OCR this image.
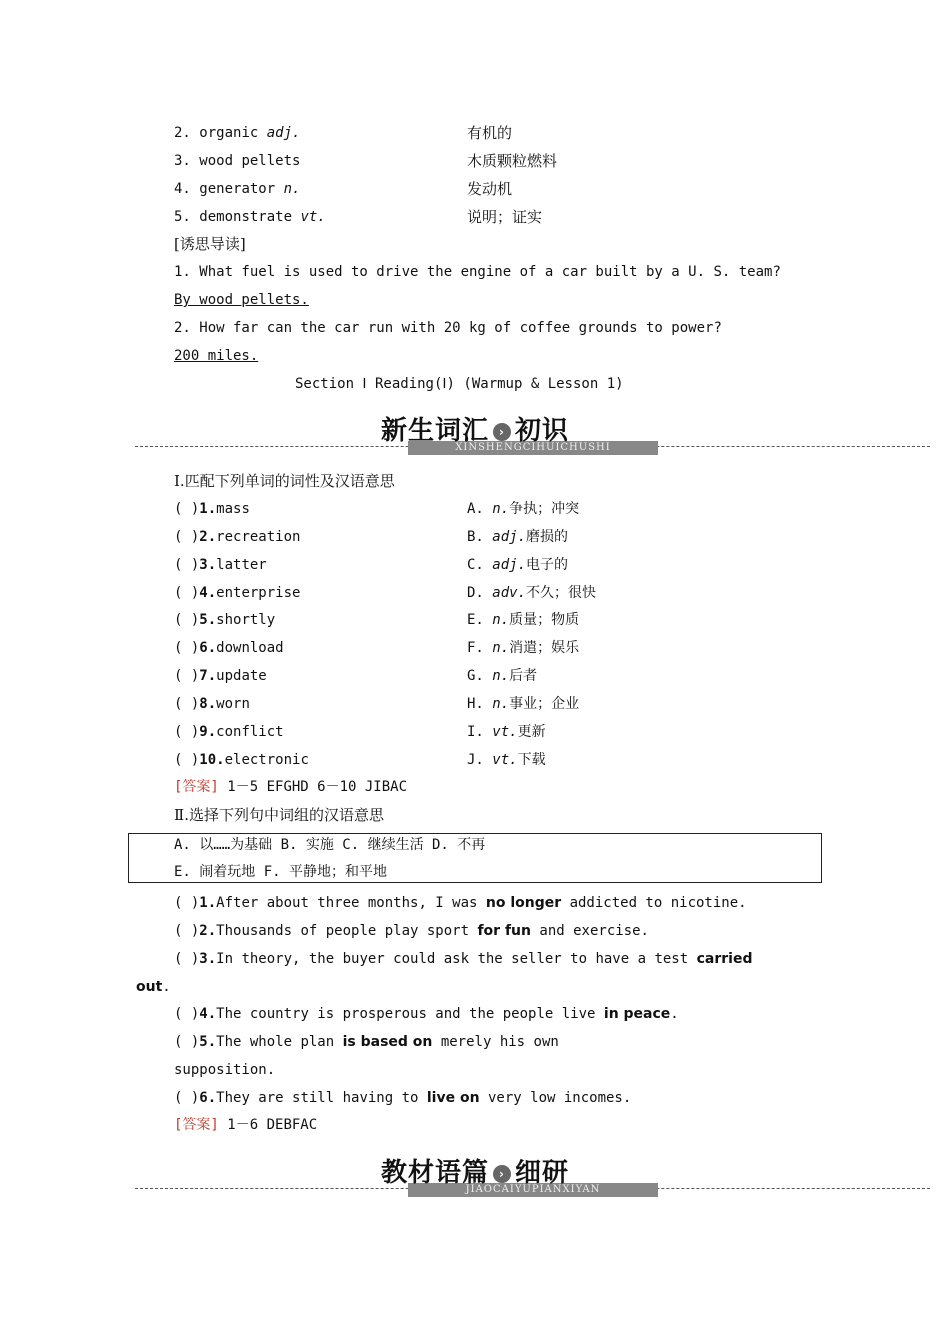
2. organic adj.	有机的
3. wood pellets	木质颗粒燃料
4. generator n.	发动机
5. demonstrate vt.	说明；证实
[诱思导读]
1. What fuel is used to drive the engine of a car built by a U. S. team?
By wood pellets.
2. How far can the car run with 20 kg of coffee grounds to power?
200 miles.
Section Ⅰ Reading(Ⅰ) (Warmup & Lesson 1)
XINSHENGCIHUICHUSHI
新生词汇 › 初识
Ⅰ.匹配下列单词的词性及汉语意思
( )1.mass	A. n.争执；冲突
( )2.recreation	B. adj.磨损的
( )3.latter	C. adj.电子的
( )4.enterprise	D. adv.不久；很快
( )5.shortly	E. n.质量；物质
( )6.download	F. n.消遣；娱乐
( )7.update	G. n.后者
( )8.worn	H. n.事业；企业
( )9.conflict	I. vt.更新
( )10.electronic	J. vt.下载
[答案] 1－5 EFGHD 6－10 JIBAC
Ⅱ.选择下列句中词组的汉语意思
A. 以……为基础 B. 实施 C. 继续生活 D. 不再
E. 闹着玩地 F. 平静地；和平地
( )1.After about three months, I was no longer addicted to nicotine.
( )2.Thousands of people play sport for fun and exercise.
( )3.In theory, the buyer could ask the seller to have a test carried
out.
( )4.The country is prosperous and the people live in peace.
( )5.The whole plan is based on merely his own
supposition.
( )6.They are still having to live on very low incomes.
[答案] 1－6 DEBFAC
JIAOCAIYUPIANXIYAN
教材语篇 › 细研
